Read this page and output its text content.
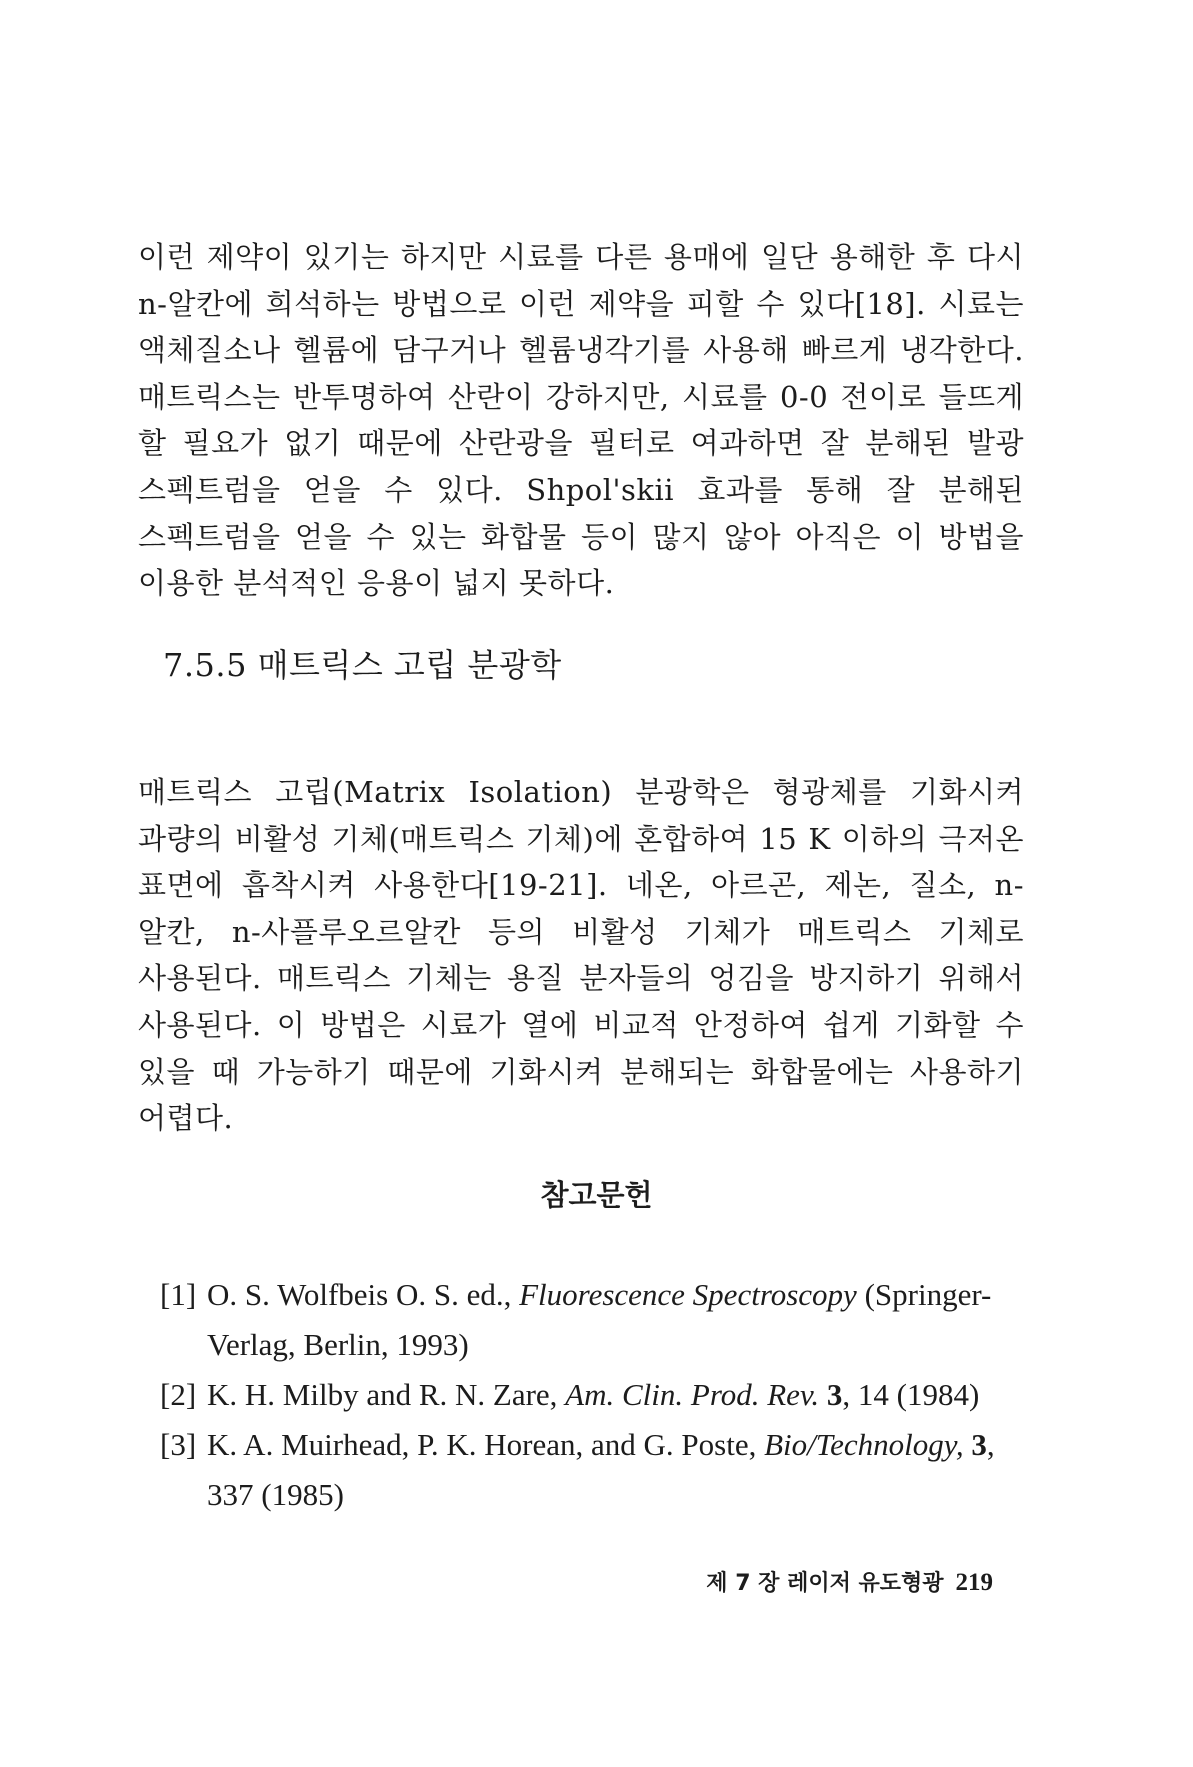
이런 제약이 있기는 하지만 시료를 다른 용매에 일단 용해한 후 다시 n-알칸에 희석하는 방법으로 이런 제약을 피할 수 있다[18]. 시료는 액체질소나 헬륨에 담구거나 헬륨냉각기를 사용해 빠르게 냉각한다. 매트릭스는 반투명하여 산란이 강하지만, 시료를 0-0 전이로 들뜨게 할 필요가 없기 때문에 산란광을 필터로 여과하면 잘 분해된 발광 스펙트럼을 얻을 수 있다. Shpol'skii 효과를 통해 잘 분해된 스펙트럼을 얻을 수 있는 화합물 등이 많지 않아 아직은 이 방법을 이용한 분석적인 응용이 넓지 못하다.

7.5.5 매트릭스 고립 분광학

매트릭스 고립(Matrix Isolation) 분광학은 형광체를 기화시켜 과량의 비활성 기체(매트릭스 기체)에 혼합하여 15 K 이하의 극저온 표면에 흡착시켜 사용한다[19-21]. 네온, 아르곤, 제논, 질소, n-알칸, n-사플루오르알칸 등의 비활성 기체가 매트릭스 기체로 사용된다. 매트릭스 기체는 용질 분자들의 엉김을 방지하기 위해서 사용된다. 이 방법은 시료가 열에 비교적 안정하여 쉽게 기화할 수 있을 때 가능하기 때문에 기화시켜 분해되는 화합물에는 사용하기 어렵다.

참고문헌
[1] O. S. Wolfbeis O. S. ed., Fluorescence Spectroscopy (Springer-Verlag, Berlin, 1993)
[2] K. H. Milby and R. N. Zare, Am. Clin. Prod. Rev. 3, 14 (1984)
[3] K. A. Muirhead, P. K. Horean, and G. Poste, Bio/Technology, 3, 337 (1985)
제 7 장 레이저 유도형광 219
